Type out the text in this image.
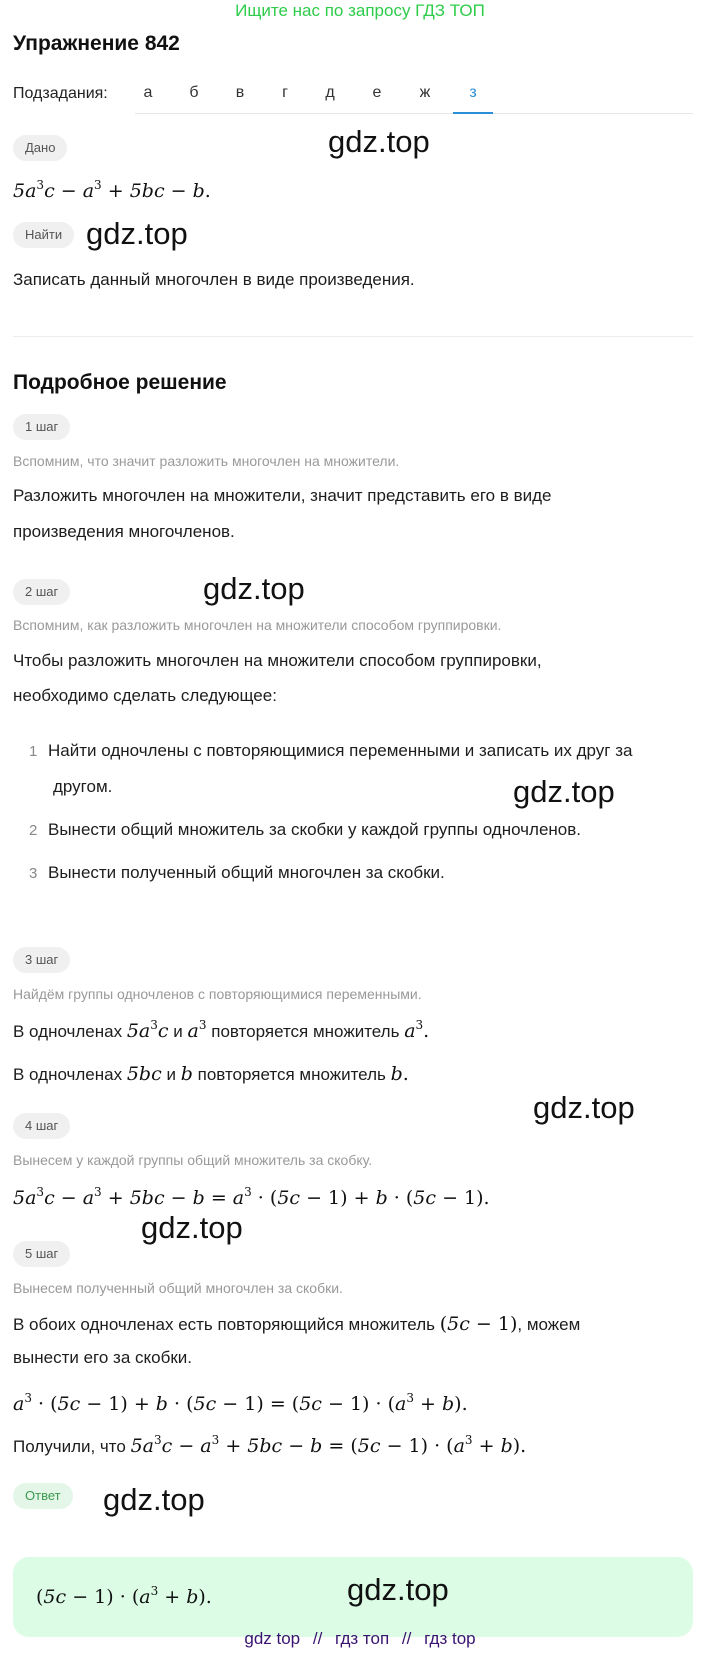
Ищите нас по запросу ГДЗ ТОП
Упражнение 842
Подзадания:	а	б	в	г	д	е	ж	з
Дано	gdz.top
$5a^3c - a^3 + 5bc - b$.
Найти gdz.top
Записать данный многочлен в виде произведения.
Подробное решение
1 шаг
Вспомним, что значит разложить многочлен на множители.
Разложить многочлен на множители, значит представить его в виде
произведения многочленов.
2 шаг	gdz.top
Вспомним, как разложить многочлен на множители способом группировки.
Чтобы разложить многочлен на множители способом группировки,
необходимо сделать следующее:
1 Найти одночлены с повторяющимися переменными и записать их друг за
другом.	gdz.top
2 Вынести общий множитель за скобки у каждой группы одночленов.
3 Вынести полученный общий многочлен за скобки.
3 шаг
Найдём группы одночленов с повторяющимися переменными.
В одночленах $5a^3c$ и $a^3$ повторяется множитель $a^3$.
В одночленах 5bc и b повторяется множитель b.
4 шаг
gdz.top
Вынесем у каждой группы общий множитель за скобку.
$5a^3c - a^3 + 5bc - b = a^3 \cdot (5c - 1) + b \cdot (5c - 1)$.
gdz.top
5 шаг
Вынесем полученный общий многочлен за скобки.
В обоих одночленах есть повторяющийся множитель (5c − 1), можем
вынести его за скобки.
$a^3 \cdot (5c - 1) + b \cdot (5c - 1) = (5c - 1) \cdot (a^3 + b)$.
Получили, что $5a^3c - a^3 + 5bc - b = (5c - 1) \cdot (a^3 + b)$.
Ответ	gdz.top
$(5c - 1) \cdot (a^3 + b)$.	gdz.top
gdz top // гдз топ // гдз top
